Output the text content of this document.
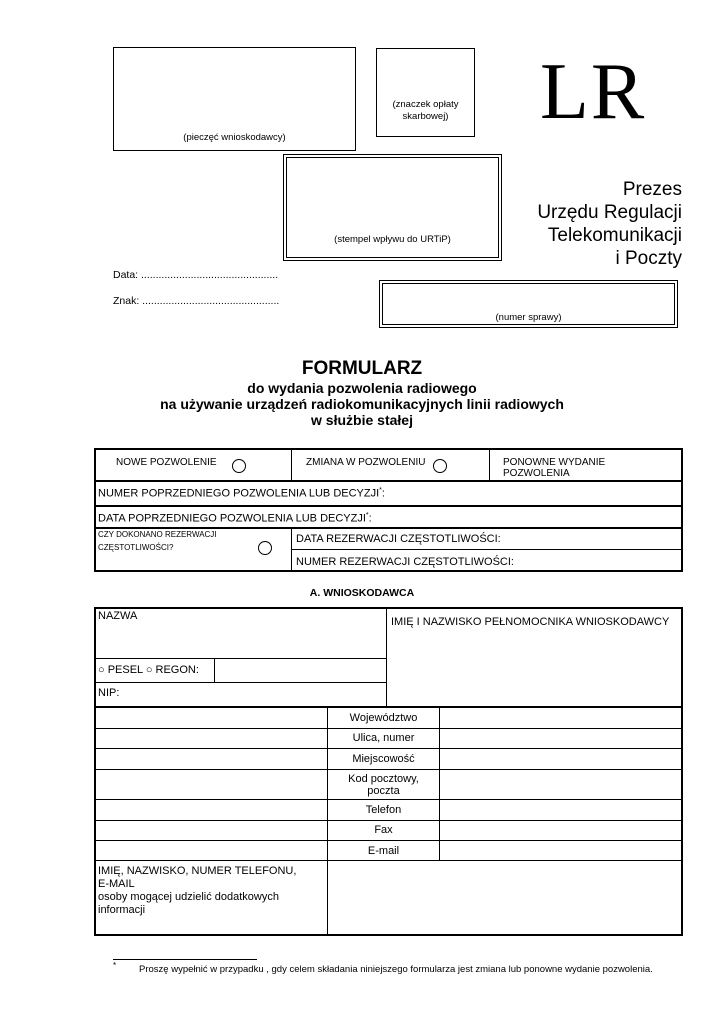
(pieczęć wnioskodawcy)
(znaczek opłaty skarbowej)	LR
(stempel wpływu do URTiP)
Prezes
Urzędu Regulacji
Telekomunikacji
i Poczty
Data: ...............................................
Znak: ...............................................
(numer sprawy)
FORMULARZ
do wydania pozwolenia radiowego
na używanie urządzeń radiokomunikacyjnych linii radiowych
w służbie stałej
NOWE POZWOLENIE	ZMIANA W POZWOLENIU	PONOWNE WYDANIE
POZWOLENIA
NUMER POPRZEDNIEGO POZWOLENIA LUB DECYZJI*:
DATA POPRZEDNIEGO POZWOLENIA LUB DECYZJI*:
CZY DOKONANO REZERWACJI
CZĘSTOTLIWOŚCI?
DATA REZERWACJI CZĘSTOTLIWOŚCI:
NUMER REZERWACJI CZĘSTOTLIWOŚCI:
A. WNIOSKODAWCA
NAZWA	IMIĘ I NAZWISKO PEŁNOMOCNIKA WNIOSKODAWCY
○ PESEL ○ REGON:
NIP:
Województwo
Ulica, numer
Miejscowość
Kod pocztowy,
poczta
Telefon
Fax
E-mail
IMIĘ, NAZWISKO, NUMER TELEFONU,
E-MAIL
osoby mogącej udzielić dodatkowych
informacji
* Proszę wypełnić w przypadku , gdy celem składania niniejszego formularza jest zmiana lub ponowne wydanie pozwolenia.
